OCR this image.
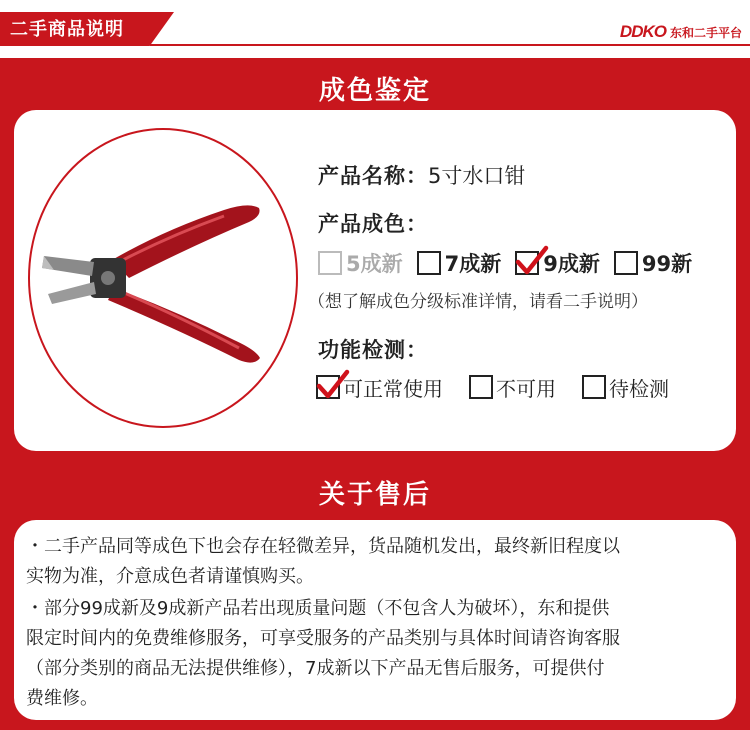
二手商品说明	DDKO 东和二手平台
成色鉴定
产品名称：5寸水口钳
产品成色：
5成新 7成新 9成新 99新
（想了解成色分级标准详情，请看二手说明）
功能检测：
可正常使用	不可用	待检测
关于售后
・二手产品同等成色下也会存在轻微差异，货品随机发出，最终新旧程度以
实物为准，介意成色者请谨慎购买。
・部分99成新及9成新产品若出现质量问题（不包含人为破坏），东和提供
限定时间内的免费维修服务，可享受服务的产品类别与具体时间请咨询客服
（部分类别的商品无法提供维修），7成新以下产品无售后服务，可提供付
费维修。
